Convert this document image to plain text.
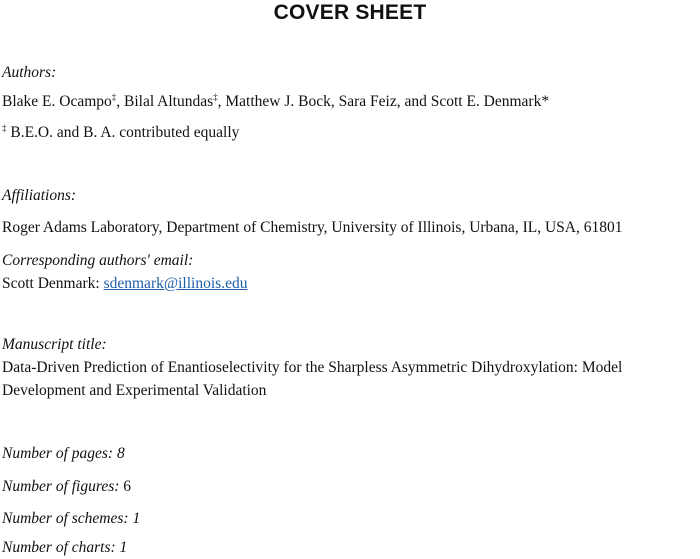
COVER SHEET
Authors:
Blake E. Ocampo‡, Bilal Altundas‡, Matthew J. Bock, Sara Feiz, and Scott E. Denmark*
‡ B.E.O. and B. A. contributed equally
Affiliations:
Roger Adams Laboratory, Department of Chemistry, University of Illinois, Urbana, IL, USA, 61801
Corresponding authors' email:
Scott Denmark: sdenmark@illinois.edu
Manuscript title:
Data-Driven Prediction of Enantioselectivity for the Sharpless Asymmetric Dihydroxylation: Model
Development and Experimental Validation
Number of pages: 8
Number of figures: 6
Number of schemes: 1
Number of charts: 1
